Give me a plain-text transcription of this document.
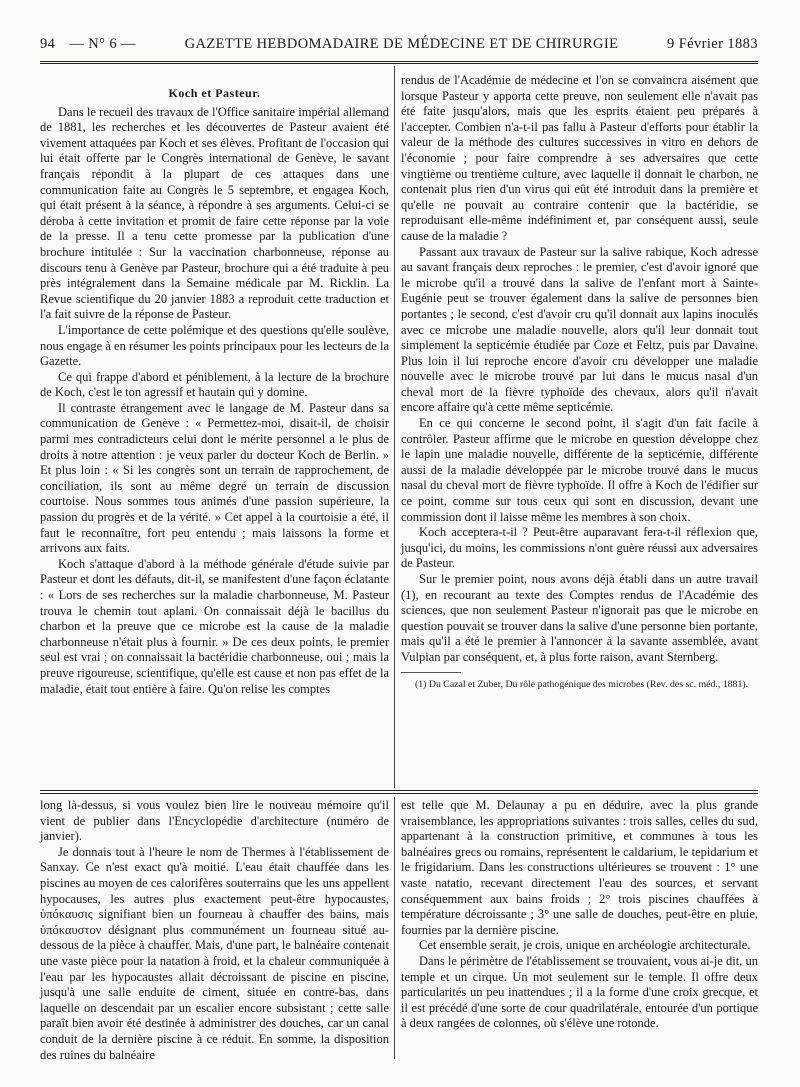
94 — N° 6 —	GAZETTE HEBDOMADAIRE DE MÉDECINE ET DE CHIRURGIE	9 Février 1883
Koch et Pasteur.

Dans le recueil des travaux de l'Office sanitaire impérial allemand de 1881, les recherches et les découvertes de Pasteur avaient été vivement attaquées par Koch et ses élèves. Profitant de l'occasion qui lui était offerte par le Congrès international de Genève, le savant français répondit à la plupart de ces attaques dans une communication faite au Congrès le 5 septembre, et engagea Koch, qui était présent à la séance, à répondre à ses arguments. Celui-ci se déroba à cette invitation et promit de faire cette réponse par la voie de la presse. Il a tenu cette promesse par la publication d'une brochure intitulée : Sur la vaccination charbonneuse, réponse au discours tenu à Genève par Pasteur, brochure qui a été traduite à peu près intégralement dans la Semaine médicale par M. Ricklin. La Revue scientifique du 20 janvier 1883 a reproduit cette traduction et l'a fait suivre de la réponse de Pasteur.

L'importance de cette polémique et des questions qu'elle soulève, nous engage à en résumer les points principaux pour les lecteurs de la Gazette.

Ce qui frappe d'abord et péniblement, à la lecture de la brochure de Koch, c'est le ton agressif et hautain qui y domine.

Il contraste étrangement avec le langage de M. Pasteur dans sa communication de Genève : « Permettez-moi, disait-il, de choisir parmi mes contradicteurs celui dont le mérite personnel a le plus de droits à notre attention : je veux parler du docteur Koch de Berlin. » Et plus loin : « Si les congrès sont un terrain de rapprochement, de conciliation, ils sont au même degré un terrain de discussion courtoise. Nous sommes tous animés d'une passion supérieure, la passion du progrès et de la vérité. » Cet appel à la courtoisie a été, il faut le reconnaître, fort peu entendu ; mais laissons la forme et arrivons aux faits.

Koch s'attaque d'abord à la méthode générale d'étude suivie par Pasteur et dont les défauts, dit-il, se manifestent d'une façon éclatante : « Lors de ses recherches sur la maladie charbonneuse, M. Pasteur trouva le chemin tout aplani. On connaissait déjà le bacillus du charbon et la preuve que ce microbe est la cause de la maladie charbonneuse n'était plus à fournir. » De ces deux points, le premier seul est vrai ; on connaissait la bactéridie charbonneuse, oui ; mais la preuve rigoureuse, scientifique, qu'elle est cause et non pas effet de la maladie, était tout entière à faire. Qu'on relise les comptes

rendus de l'Académie de médecine et l'on se convaincra aisément que lorsque Pasteur y apporta cette preuve, non seulement elle n'avait pas été faite jusqu'alors, mais que les esprits étaient peu préparés à l'accepter. Combien n'a-t-il pas fallu à Pasteur d'efforts pour établir la valeur de la méthode des cultures successives in vitro en dehors de l'économie ; pour faire comprendre à ses adversaires que cette vingtième ou trentième culture, avec laquelle il donnait le charbon, ne contenait plus rien d'un virus qui eût été introduit dans la première et qu'elle ne pouvait au contraire contenir que la bactéridie, se reproduisant elle-même indéfiniment et, par conséquent aussi, seule cause de la maladie ?

Passant aux travaux de Pasteur sur la salive rabique, Koch adresse au savant français deux reproches : le premier, c'est d'avoir ignoré que le microbe qu'il a trouvé dans la salive de l'enfant mort à Sainte-Eugénie peut se trouver également dans la salive de personnes bien portantes ; le second, c'est d'avoir cru qu'il donnait aux lapins inoculés avec ce microbe une maladie nouvelle, alors qu'il leur donnait tout simplement la septicémie étudiée par Coze et Feltz, puis par Davaine. Plus loin il lui reproche encore d'avoir cru développer une maladie nouvelle avec le microbe trouvé par lui dans le mucus nasal d'un cheval mort de la fièvre typhoïde des chevaux, alors qu'il n'avait encore affaire qu'à cette même septicémie.

En ce qui concerne le second point, il s'agit d'un fait facile à contrôler. Pasteur affirme que le microbe en question développe chez le lapin une maladie nouvelle, différente de la septicémie, différente aussi de la maladie développée par le microbe trouvé dans le mucus nasal du cheval mort de fièvre typhoïde. Il offre à Koch de l'édifier sur ce point, comme sur tous ceux qui sont en discussion, devant une commission dont il laisse même les membres à son choix.

Koch acceptera-t-il ? Peut-être auparavant fera-t-il réflexion que, jusqu'ici, du moins, les commissions n'ont guère réussi aux adversaires de Pasteur.

Sur le premier point, nous avons déjà établi dans un autre travail (1), en recourant au texte des Comptes rendus de l'Académie des sciences, que non seulement Pasteur n'ignorait pas que le microbe en question pouvait se trouver dans la salive d'une personne bien portante, mais qu'il a été le premier à l'annoncer à la savante assemblée, avant Vulpian par conséquent, et, à plus forte raison, avant Sternberg.

(1) Du Cazal et Zuber, Du rôle pathogénique des microbes (Rev. des sc. méd., 1881).

long là-dessus, si vous voulez bien lire le nouveau mémoire qu'il vient de publier dans l'Encyclopédie d'architecture (numéro de janvier).

Je donnais tout à l'heure le nom de Thermes à l'établissement de Sanxay. Ce n'est exact qu'à moitié. L'eau était chauffée dans les piscines au moyen de ces calorifères souterrains que les uns appellent hypocauses, les autres plus exactement peut-être hypocaustes, ὑπόκαυσις signifiant bien un fourneau à chauffer des bains, mais ὑπόκαυστον désignant plus communément un fourneau situé au-dessous de la pièce à chauffer. Mais, d'une part, le balnéaire contenait une vaste pièce pour la natation à froid, et la chaleur communiquée à l'eau par les hypocaustes allait décroissant de piscine en piscine, jusqu'à une salle enduite de ciment, située en contre-bas, dans laquelle on descendait par un escalier encore subsistant ; cette salle paraît bien avoir été destinée à administrer des douches, car un canal conduit de la dernière piscine à ce réduit. En somme, la disposition des ruines du balnéaire

est telle que M. Delaunay a pu en déduire, avec la plus grande vraisemblance, les appropriations suivantes : trois salles, celles du sud, appartenant à la construction primitive, et communes à tous les balnéaires grecs ou romains, représentent le caldarium, le tepidarium et le frigidarium. Dans les constructions ultérieures se trouvent : 1° une vaste natatio, recevant directement l'eau des sources, et servant conséquemment aux bains froids ; 2° trois piscines chauffées à température décroissante ; 3° une salle de douches, peut-être en pluie, fournies par la dernière piscine.

Cet ensemble serait, je crois, unique en archéologie architecturale.

Dans le périmètre de l'établissement se trouvaient, vous ai-je dit, un temple et un cirque. Un mot seulement sur le temple. Il offre deux particularités un peu inattendues ; il a la forme d'une croix grecque, et il est précédé d'une sorte de cour quadrilatérale, entourée d'un portique à deux rangées de colonnes, où s'élève une rotonde.
